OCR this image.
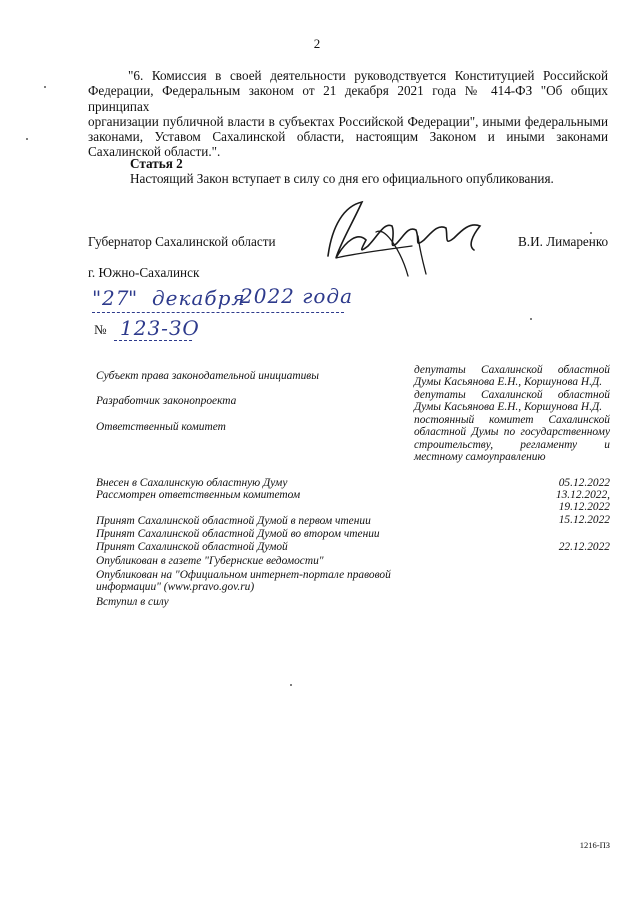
2
"6. Комиссия в своей деятельности руководствуется Конституцией Российской
Федерации, Федеральным законом от 21 декабря 2021 года № 414-ФЗ "Об общих принципах
организации публичной власти в субъектах Российской Федерации", иными федеральными
законами, Уставом Сахалинской области, настоящим Законом и иными законами
Сахалинской области.".
Статья 2
Настоящий Закон вступает в силу со дня его официального опубликования.
Губернатор Сахалинской области	В.И. Лимаренко
г. Южно-Сахалинск
" 27
" декабря
2022 года
№ 123-ЗО
Субъект права законодательной инициативы	депутаты Сахалинской областной
Думы Касьянова Е.Н., Коршунова Н.Д.
Разработчик законопроекта	депутаты Сахалинской областной
Думы Касьянова Е.Н., Коршунова Н.Д.
Ответственный комитет
постоянный комитет Сахалинской
областной Думы по государственному
строительству, регламенту и
местному самоуправлению
Внесен в Сахалинскую областную Думу	05.12.2022
Рассмотрен ответственным комитетом	13.12.2022,
19.12.2022
Принят Сахалинской областной Думой в первом чтении	15.12.2022
Принят Сахалинской областной Думой во втором чтении
Принят Сахалинской областной Думой	22.12.2022
Опубликован в газете "Губернские ведомости"
Опубликован на "Официальном интернет-портале правовой
информации" (www.pravo.gov.ru)
Вступил в силу
1216-ПЗ
